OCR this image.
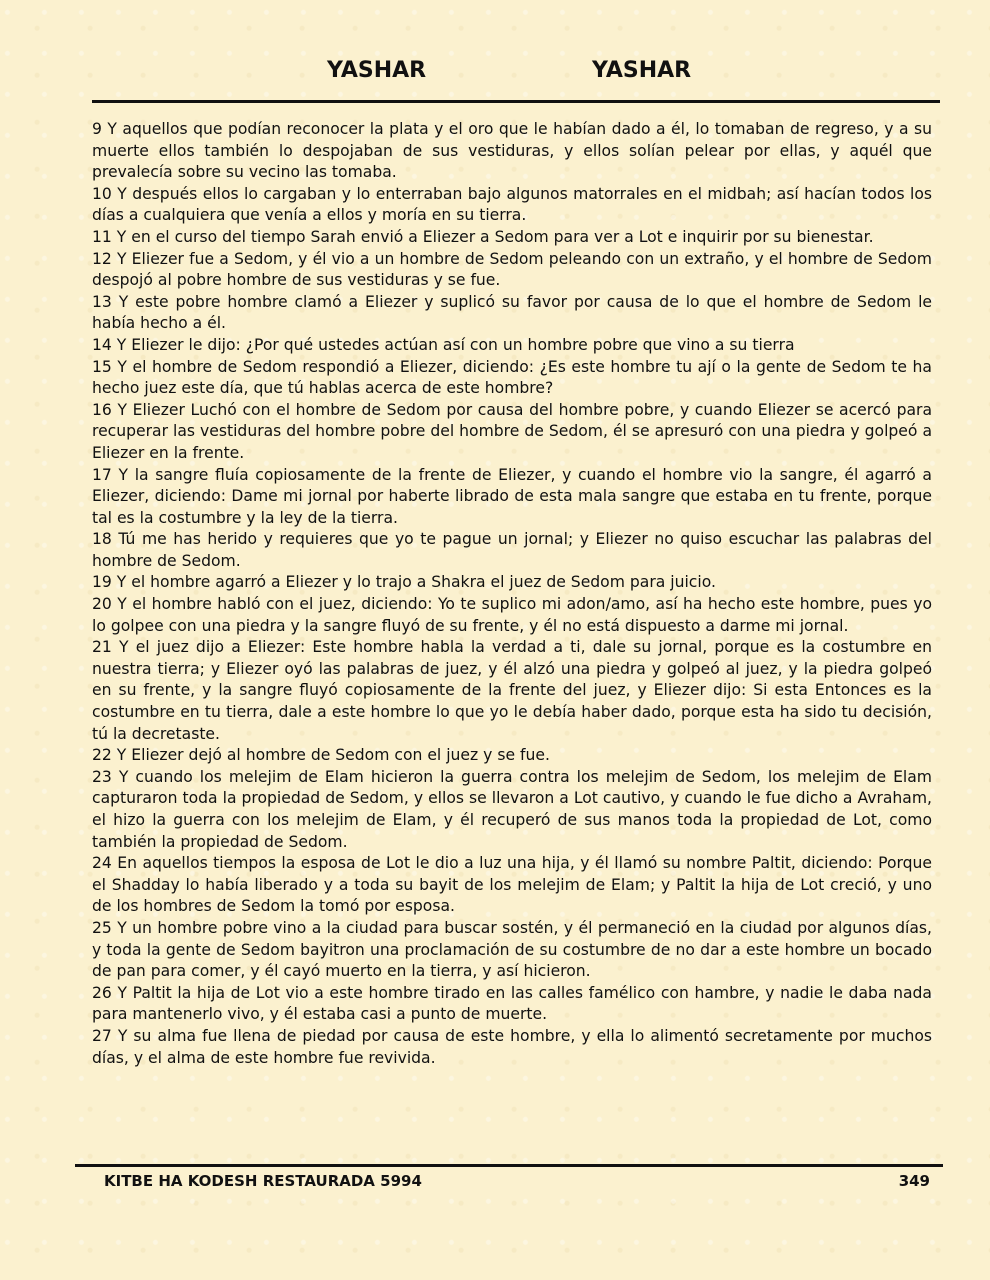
YASHAR	YASHAR

9 Y aquellos que podían reconocer la plata y el oro que le habían dado a él, lo tomaban de regreso, y a su muerte ellos también lo despojaban de sus vestiduras, y ellos solían pelear por ellas, y aquél que prevalecía sobre su vecino las tomaba.

10 Y después ellos lo cargaban y lo enterraban bajo algunos matorrales en el midbah; así hacían todos los días a cualquiera que venía a ellos y moría en su tierra.

11 Y en el curso del tiempo Sarah envió a Eliezer a Sedom para ver a Lot e inquirir por su bienestar.

12 Y Eliezer fue a Sedom, y él vio a un hombre de Sedom peleando con un extraño, y el hombre de Sedom despojó al pobre hombre de sus vestiduras y se fue.

13 Y este pobre hombre clamó a Eliezer y suplicó su favor por causa de lo que el hombre de Sedom le había hecho a él.

14 Y Eliezer le dijo: ¿Por qué ustedes actúan así con un hombre pobre que vino a su tierra

15 Y el hombre de Sedom respondió a Eliezer, diciendo: ¿Es este hombre tu ají o la gente de Sedom te ha hecho juez este día, que tú hablas acerca de este hombre?

16 Y Eliezer Luchó con el hombre de Sedom por causa del hombre pobre, y cuando Eliezer se acercó para recuperar las vestiduras del hombre pobre del hombre de Sedom, él se apresuró con una piedra y golpeó a Eliezer en la frente.

17 Y la sangre fluía copiosamente de la frente de Eliezer, y cuando el hombre vio la sangre, él agarró a Eliezer, diciendo: Dame mi jornal por haberte librado de esta mala sangre que estaba en tu frente, porque tal es la costumbre y la ley de la tierra.

18 Tú me has herido y requieres que yo te pague un jornal; y Eliezer no quiso escuchar las palabras del hombre de Sedom.

19 Y el hombre agarró a Eliezer y lo trajo a Shakra el juez de Sedom para juicio.

20 Y el hombre habló con el juez, diciendo: Yo te suplico mi adon/amo, así ha hecho este hombre, pues yo lo golpee con una piedra y la sangre fluyó de su frente, y él no está dispuesto a darme mi jornal.

21 Y el juez dijo a Eliezer: Este hombre habla la verdad a ti, dale su jornal, porque es la costumbre en nuestra tierra; y Eliezer oyó las palabras de juez, y él alzó una piedra y golpeó al juez, y la piedra golpeó en su frente, y la sangre fluyó copiosamente de la frente del juez, y Eliezer dijo: Si esta Entonces es la costumbre en tu tierra, dale a este hombre lo que yo le debía haber dado, porque esta ha sido tu decisión, tú la decretaste.

22 Y Eliezer dejó al hombre de Sedom con el juez y se fue.

23 Y cuando los melejim de Elam hicieron la guerra contra los melejim de Sedom, los melejim de Elam capturaron toda la propiedad de Sedom, y ellos se llevaron a Lot cautivo, y cuando le fue dicho a Avraham, el hizo la guerra con los melejim de Elam, y él recuperó de sus manos toda la propiedad de Lot, como también la propiedad de Sedom.

24 En aquellos tiempos la esposa de Lot le dio a luz una hija, y él llamó su nombre Paltit, diciendo: Porque el Shadday lo había liberado y a toda su bayit de los melejim de Elam; y Paltit la hija de Lot creció, y uno de los hombres de Sedom la tomó por esposa.

25 Y un hombre pobre vino a la ciudad para buscar sostén, y él permaneció en la ciudad por algunos días, y toda la gente de Sedom bayitron una proclamación de su costumbre de no dar a este hombre un bocado de pan para comer, y él cayó muerto en la tierra, y así hicieron.

26 Y Paltit la hija de Lot vio a este hombre tirado en las calles famélico con hambre, y nadie le daba nada para mantenerlo vivo, y él estaba casi a punto de muerte.

27 Y su alma fue llena de piedad por causa de este hombre, y ella lo alimentó secretamente por muchos días, y el alma de este hombre fue revivida.

KITBE HA KODESH RESTAURADA 5994	349
